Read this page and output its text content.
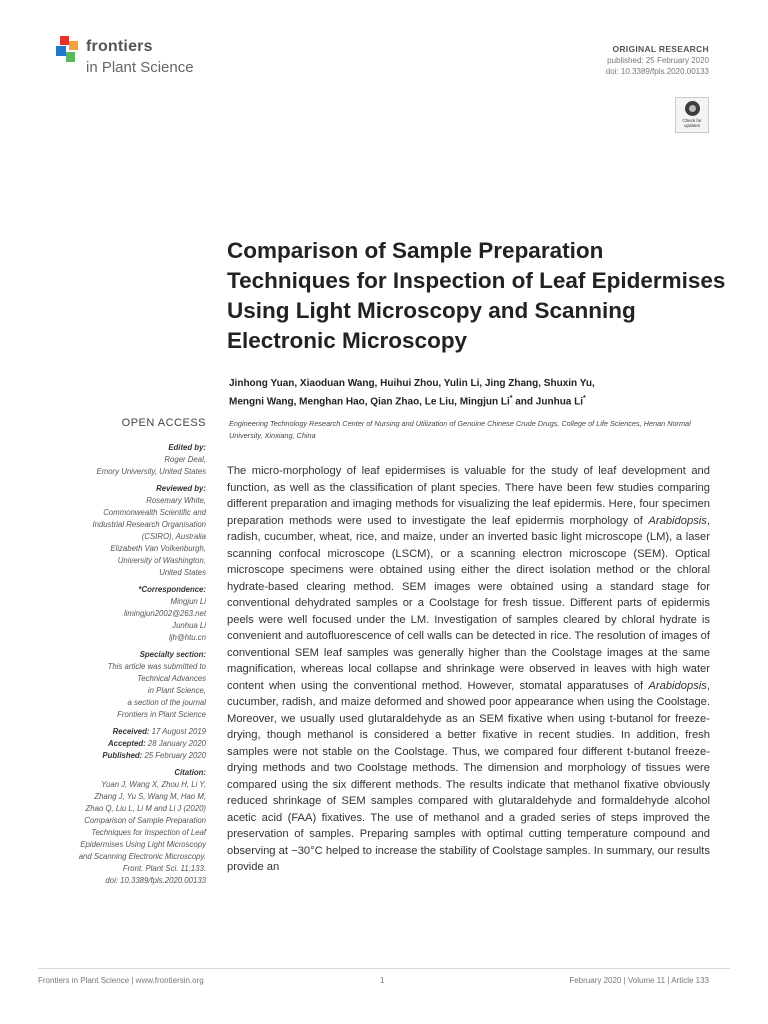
frontiers
in Plant Science
ORIGINAL RESEARCH
published: 25 February 2020
doi: 10.3389/fpls.2020.00133
Check for
updates
Comparison of Sample Preparation Techniques for Inspection of Leaf Epidermises Using Light Microscopy and Scanning Electronic Microscopy
Jinhong Yuan, Xiaoduan Wang, Huihui Zhou, Yulin Li, Jing Zhang, Shuxin Yu,
Mengni Wang, Menghan Hao, Qian Zhao, Le Liu, Mingjun Li* and Junhua Li*
Engineering Technology Research Center of Nursing and Utilization of Genuine Chinese Crude Drugs, College of Life Sciences, Henan Normal University, Xinxiang, China
OPEN ACCESS
Edited by:
Roger Deal,
Emory University, United States
Reviewed by:
Rosemary White,
Commonwealth Scientific and
Industrial Research Organisation
(CSIRO), Australia
Elizabeth Van Volkenburgh,
University of Washington,
United States
*Correspondence:
Mingjun Li
limingjun2002@263.net
Junhua Li
ljh@htu.cn
Specialty section:
This article was submitted to
Technical Advances
in Plant Science,
a section of the journal
Frontiers in Plant Science
Received: 17 August 2019
Accepted: 28 January 2020
Published: 25 February 2020
Citation:
Yuan J, Wang X, Zhou H, Li Y,
Zhang J, Yu S, Wang M, Hao M,
Zhao Q, Liu L, Li M and Li J (2020)
Comparison of Sample Preparation
Techniques for Inspection of Leaf
Epidermises Using Light Microscopy
and Scanning Electronic Microscopy.
Front. Plant Sci. 11:133.
doi: 10.3389/fpls.2020.00133
The micro-morphology of leaf epidermises is valuable for the study of leaf development and function, as well as the classification of plant species. There have been few studies comparing different preparation and imaging methods for visualizing the leaf epidermis. Here, four specimen preparation methods were used to investigate the leaf epidermis morphology of Arabidopsis, radish, cucumber, wheat, rice, and maize, under an inverted basic light microscope (LM), a laser scanning confocal microscope (LSCM), or a scanning electron microscope (SEM). Optical microscope specimens were obtained using either the direct isolation method or the chloral hydrate-based clearing method. SEM images were obtained using a standard stage for conventional dehydrated samples or a Coolstage for fresh tissue. Different parts of epidermis peels were well focused under the LM. Investigation of samples cleared by chloral hydrate is convenient and autofluorescence of cell walls can be detected in rice. The resolution of images of conventional SEM leaf samples was generally higher than the Coolstage images at the same magnification, whereas local collapse and shrinkage were observed in leaves with high water content when using the conventional method. However, stomatal apparatuses of Arabidopsis, cucumber, radish, and maize deformed and showed poor appearance when using the Coolstage. Moreover, we usually used glutaraldehyde as an SEM fixative when using t-butanol for freeze-drying, though methanol is considered a better fixative in recent studies. In addition, fresh samples were not stable on the Coolstage. Thus, we compared four different t-butanol freeze-drying methods and two Coolstage methods. The dimension and morphology of tissues were compared using the six different methods. The results indicate that methanol fixative obviously reduced shrinkage of SEM samples compared with glutaraldehyde and formaldehyde alcohol acetic acid (FAA) fixatives. The use of methanol and a graded series of steps improved the preservation of samples. Preparing samples with optimal cutting temperature compound and observing at −30°C helped to increase the stability of Coolstage samples. In summary, our results provide an
Frontiers in Plant Science | www.frontiersin.org	1	February 2020 | Volume 11 | Article 133
